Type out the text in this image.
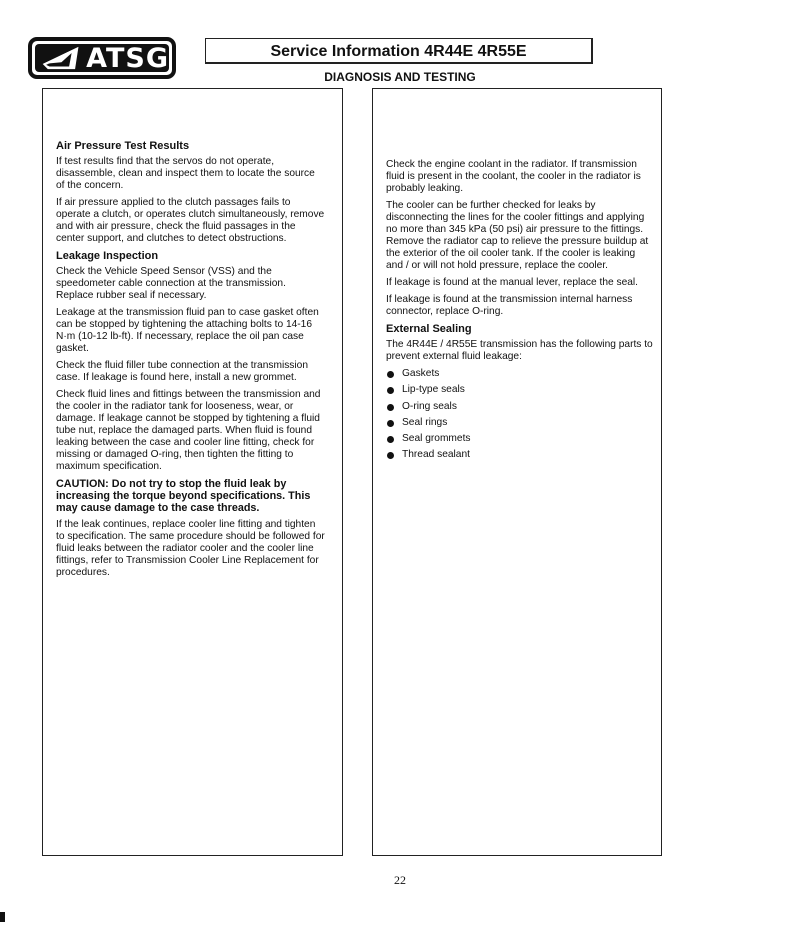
ATSG	Service Information 4R44E 4R55E
DIAGNOSIS AND TESTING
Air Pressure Test Results
If test results find that the servos do not operate, disassemble, clean and inspect them to locate the source of the concern.
If air pressure applied to the clutch passages fails to operate a clutch, or operates clutch simultaneously, remove and with air pressure, check the fluid passages in the center support, and clutches to detect obstructions.
Leakage Inspection
Check the Vehicle Speed Sensor (VSS) and the speedometer cable connection at the transmission. Replace rubber seal if necessary.
Leakage at the transmission fluid pan to case gasket often can be stopped by tightening the attaching bolts to 14-16 N·m (10-12 lb-ft). If necessary, replace the oil pan case gasket.
Check the fluid filler tube connection at the transmission case. If leakage is found here, install a new grommet.
Check fluid lines and fittings between the transmission and the cooler in the radiator tank for looseness, wear, or damage. If leakage cannot be stopped by tightening a fluid tube nut, replace the damaged parts. When fluid is found leaking between the case and cooler line fitting, check for missing or damaged O-ring, then tighten the fitting to maximum specification.
CAUTION: Do not try to stop the fluid leak by increasing the torque beyond specifications. This may cause damage to the case threads.
If the leak continues, replace cooler line fitting and tighten to specification. The same procedure should be followed for fluid leaks between the radiator cooler and the cooler line fittings, refer to Transmission Cooler Line Replacement for procedures.
Check the engine coolant in the radiator. If transmission fluid is present in the coolant, the cooler in the radiator is probably leaking.
The cooler can be further checked for leaks by disconnecting the lines for the cooler fittings and applying no more than 345 kPa (50 psi) air pressure to the fittings. Remove the radiator cap to relieve the pressure buildup at the exterior of the oil cooler tank. If the cooler is leaking and / or will not hold pressure, replace the cooler.
If leakage is found at the manual lever, replace the seal.
If leakage is found at the transmission internal harness connector, replace O-ring.
External Sealing
The 4R44E / 4R55E transmission has the following parts to prevent external fluid leakage:
Gaskets
Lip-type seals
O-ring seals
Seal rings
Seal grommets
Thread sealant
22
